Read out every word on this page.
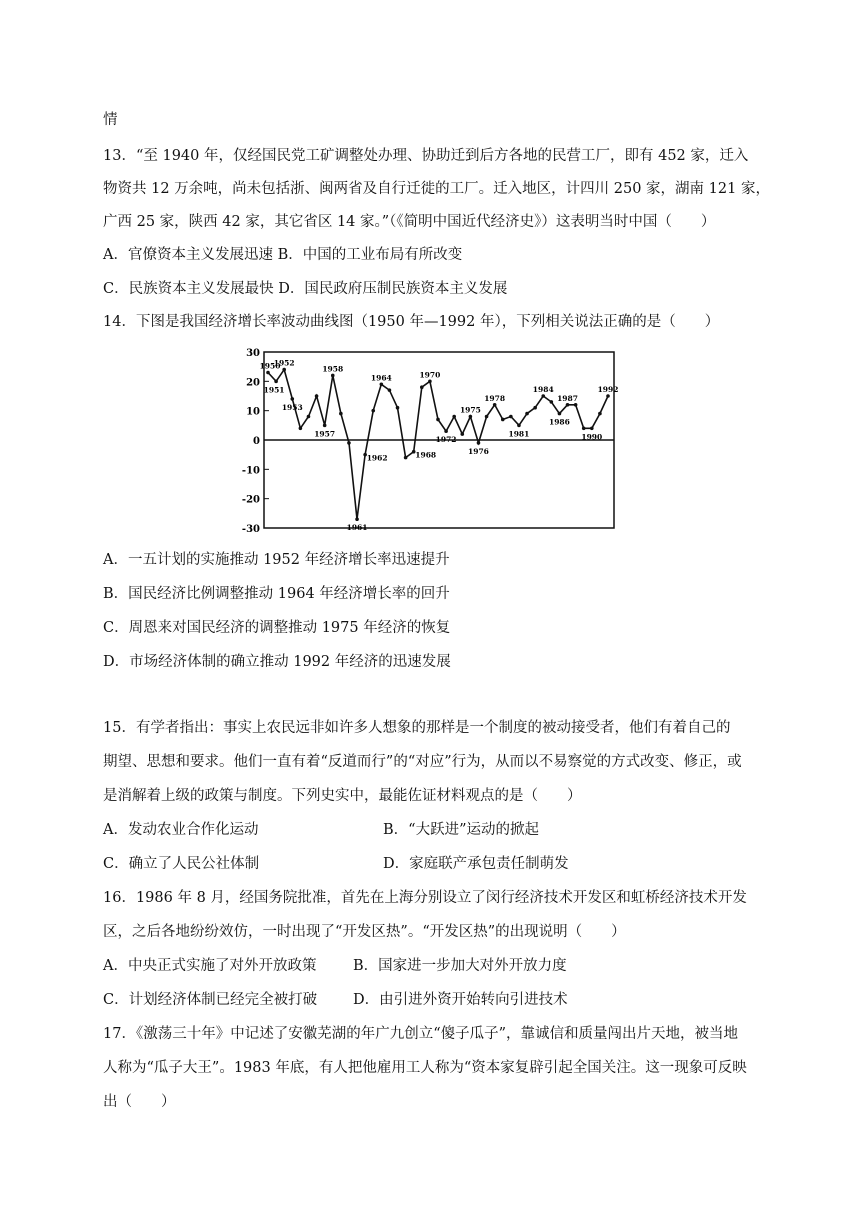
情
13．“至 1940 年，仅经国民党工矿调整处办理、协助迁到后方各地的民营工厂，即有 452 家，迁入
物资共 12 万余吨，尚未包括浙、闽两省及自行迁徙的工厂。迁入地区，计四川 250 家，湖南 121 家，
广西 25 家，陕西 42 家，其它省区 14 家。”（《简明中国近代经济史》）这表明当时中国（　　）
A．官僚资本主义发展迅速 B．中国的工业布局有所改变
C．民族资本主义发展最快 D．国民政府压制民族资本主义发展
14．下图是我国经济增长率波动曲线图（1950 年—1992 年），下列相关说法正确的是（　　）
30
20
10
0
-10
-20
-30
1950
1951
1952
1953
1957
1958
1961
1962
1964
1968
1970
1972
1975
1976
1978
1981
1984
1986
1987
1990
1992
A．一五计划的实施推动 1952 年经济增长率迅速提升
B．国民经济比例调整推动 1964 年经济增长率的回升
C．周恩来对国民经济的调整推动 1975 年经济的恢复
D．市场经济体制的确立推动 1992 年经济的迅速发展
15．有学者指出：事实上农民远非如许多人想象的那样是一个制度的被动接受者，他们有着自己的
期望、思想和要求。他们一直有着“反道而行”的“对应”行为，从而以不易察觉的方式改变、修正，或
是消解着上级的政策与制度。下列史实中，最能佐证材料观点的是（　　）
A．发动农业合作化运动	B．“大跃进”运动的掀起
C．确立了人民公社体制	D．家庭联产承包责任制萌发
16．1986 年 8 月，经国务院批准，首先在上海分别设立了闵行经济技术开发区和虹桥经济技术开发
区，之后各地纷纷效仿，一时出现了“开发区热”。“开发区热”的出现说明（　　）
A．中央正式实施了对外开放政策	B．国家进一步加大对外开放力度
C．计划经济体制已经完全被打破 D．由引进外资开始转向引进技术
17．《激荡三十年》中记述了安徽芜湖的年广九创立“傻子瓜子”，靠诚信和质量闯出片天地，被当地
人称为“瓜子大王”。1983 年底，有人把他雇用工人称为“资本家复辟引起全国关注。这一现象可反映
出（　　）
